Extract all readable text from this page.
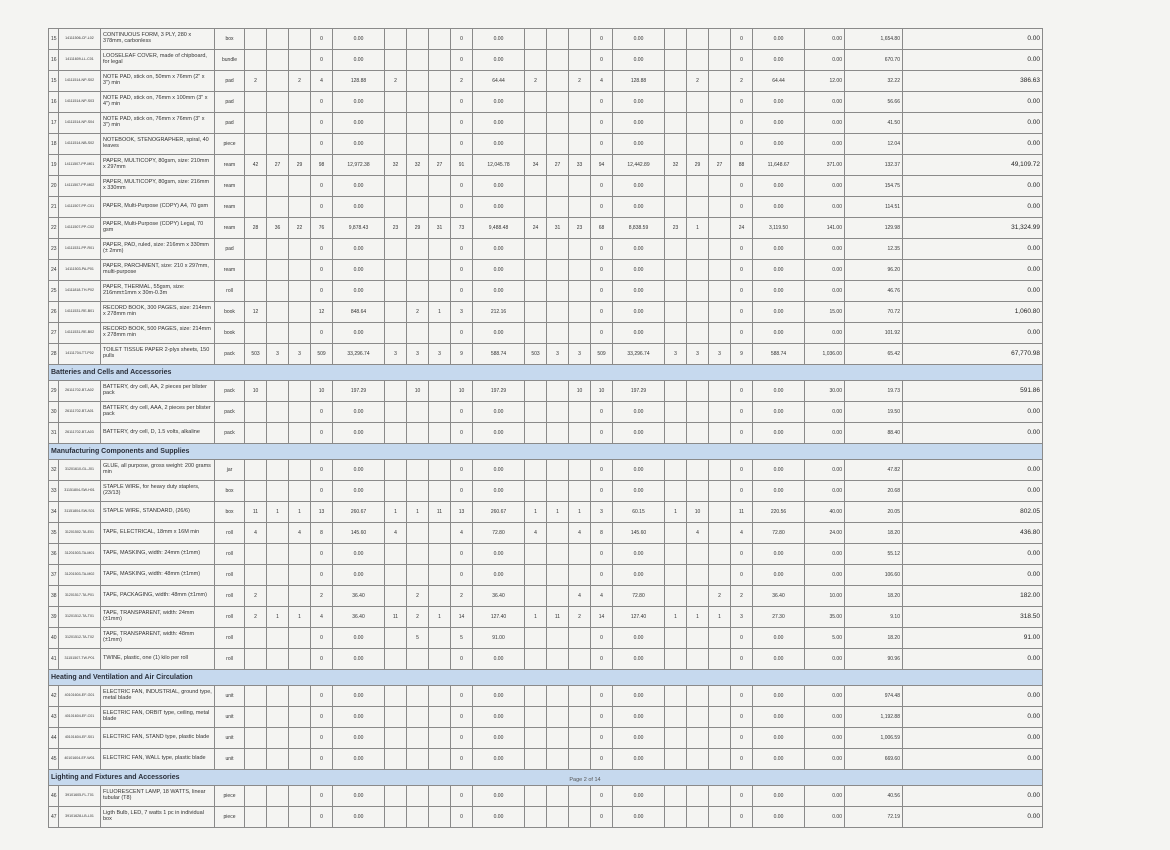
15	14111506-CF-L02	CONTINUOUS FORM, 3 PLY, 280 x 378mm, carbonless	box				0	0.00				0	0.00				0	0.00				0	0.00	0.00	1,654.80	0.00
16	14111609-LL-C01	LOOSELEAF COVER, made of chipboard, for legal	bundle				0	0.00				0	0.00				0	0.00				0	0.00	0.00	670.70	0.00
15	14111514-NP-S02	NOTE PAD, stick on, 50mm x 76mm (2" x 3") min	pad	2		2	4	128.88	2			2	64.44	2		2	4	128.88		2		2	64.44	12.00	32.22	386.63
16	14111514-NP-S03	NOTE PAD, stick on, 76mm x 100mm (3" x 4") min	pad				0	0.00				0	0.00				0	0.00				0	0.00	0.00	56.66	0.00
17	14111514-NP-S04	NOTE PAD, stick on, 76mm x 76mm (3" x 3") min	pad				0	0.00				0	0.00				0	0.00				0	0.00	0.00	41.50	0.00
18	14111514-NB-S02	NOTEBOOK, STENOGRAPHER, spiral, 40 leaves	piece				0	0.00				0	0.00				0	0.00				0	0.00	0.00	12.04	0.00
19	14111507-PP-M01	PAPER, MULTICOPY, 80gsm, size: 210mm x 297mm	ream	42	27	29	98	12,972.38	32	32	27	91	12,045.78	34	27	33	94	12,442.89	32	29	27	88	11,648.67	371.00	132.37	49,109.72
20	14111507-PP-M02	PAPER, MULTICOPY, 80gsm, size: 216mm x 330mm	ream				0	0.00				0	0.00				0	0.00				0	0.00	0.00	154.75	0.00
21	14111507-PP-C01	PAPER, Multi-Purpose (COPY) A4, 70 gsm	ream				0	0.00				0	0.00				0	0.00				0	0.00	0.00	114.51	0.00
22	14111507-PP-C02	PAPER, Multi-Purpose (COPY) Legal, 70 gsm	ream	28	36	22	76	9,878.43	23	29	31	73	9,488.48	24	31	23	68	8,838.59	23	1		24	3,119.50	141.00	129.98	31,324.99
23	14111531-PP-R01	PAPER, PAD, ruled, size: 216mm x 330mm (± 2mm)	pad				0	0.00				0	0.00				0	0.00				0	0.00	0.00	12.35	0.00
24	14111503-PA-P01	PAPER, PARCHMENT, size: 210 x 297mm, multi-purpose	ream				0	0.00				0	0.00				0	0.00				0	0.00	0.00	96.20	0.00
25	14111818-TH-P02	PAPER, THERMAL, 55gsm, size: 216mm±1mm x 30m-0.3m	roll				0	0.00				0	0.00				0	0.00				0	0.00	0.00	46.76	0.00
26	14111531-RE-B01	RECORD BOOK, 300 PAGES, size: 214mm x 278mm min	book	12			12	848.64		2	1	3	212.16				0	0.00				0	0.00	15.00	70.72	1,060.80
27	14111531-RE-B02	RECORD BOOK, 500 PAGES, size: 214mm x 278mm min	book				0	0.00				0	0.00				0	0.00				0	0.00	0.00	101.92	0.00
28	14111704-TT-P02	TOILET TISSUE PAPER 2-plys sheets, 150 pulls	pack	503	3	3	509	33,296.74	3	3	3	9	588.74	503	3	3	509	33,296.74	3	3	3	9	588.74	1,036.00	65.42	67,770.98
Batteries and Cells and Accessories																										
29	26111702-BT-A02	BATTERY, dry cell, AA, 2 pieces per blister pack	pack	10			10	197.29		10		10	197.29			10	10	197.29				0	0.00	30.00	19.73	591.86
30	26111702-BT-A01	BATTERY, dry cell, AAA, 2 pieces per blister pack	pack				0	0.00				0	0.00				0	0.00				0	0.00	0.00	19.50	0.00
31	26111702-BT-A03	BATTERY, dry cell, D, 1.5 volts, alkaline	pack				0	0.00				0	0.00				0	0.00				0	0.00	0.00	88.40	0.00
Manufacturing Components and Supplies																										
32	31201610-GL-J01	GLUE, all purpose, gross weight: 200 grams min	jar				0	0.00				0	0.00				0	0.00				0	0.00	0.00	47.82	0.00
33	31151804-SW-H01	STAPLE WIRE, for heavy duty staplers, (23/13)	box				0	0.00				0	0.00				0	0.00				0	0.00	0.00	20.68	0.00
34	31151804-SW-S01	STAPLE WIRE, STANDARD, (26/6)	box	11	1	1	13	260.67	1	1	11	13	260.67	1	1	1	3	60.15	1	10		11	220.56	40.00	20.05	802.05
35	31201502-TA-E01	TAPE, ELECTRICAL, 18mm x 16M min	roll	4		4	8	145.60	4			4	72.80	4		4	8	145.60		4		4	72.80	24.00	18.20	436.80
36	31201503-TA-M01	TAPE, MASKING, width: 24mm (±1mm)	roll				0	0.00				0	0.00				0	0.00				0	0.00	0.00	55.12	0.00
37	31201503-TA-M02	TAPE, MASKING, width: 48mm (±1mm)	roll				0	0.00				0	0.00				0	0.00				0	0.00	0.00	106.60	0.00
38	31201517-TA-P01	TAPE, PACKAGING, width: 48mm (±1mm)	roll	2			2	36.40		2		2	36.40			4	4	72.80			2	2	36.40	10.00	18.20	182.00
39	31201512-TA-T01	TAPE, TRANSPARENT, width: 24mm (±1mm)	roll	2	1	1	4	36.40	11	2	1	14	127.40	1	11	2	14	127.40	1	1	1	3	27.30	35.00	9.10	318.50
40	31201512-TA-T02	TAPE, TRANSPARENT, width: 48mm (±1mm)	roll				0	0.00		5		5	91.00				0	0.00				0	0.00	5.00	18.20	91.00
41	31151507-TW-P01	TWINE, plastic, one (1) kilo per roll	roll				0	0.00				0	0.00				0	0.00				0	0.00	0.00	90.96	0.00
Heating and Ventilation and Air Circulation																										
42	40101604-EF-G01	ELECTRIC FAN, INDUSTRIAL, ground type, metal blade	unit				0	0.00				0	0.00				0	0.00				0	0.00	0.00	974.48	0.00
43	40101604-EF-C01	ELECTRIC FAN, ORBIT type, ceiling, metal blade	unit				0	0.00				0	0.00				0	0.00				0	0.00	0.00	1,192.88	0.00
44	40101604-EF-S01	ELECTRIC FAN, STAND type, plastic blade	unit				0	0.00				0	0.00				0	0.00				0	0.00	0.00	1,006.59	0.00
45	40101604-EF-W01	ELECTRIC FAN, WALL type, plastic blade	unit				0	0.00				0	0.00				0	0.00				0	0.00	0.00	669.60	0.00
Lighting and Fixtures and Accessories																										
46	39101605-FL-T01	FLUORESCENT LAMP, 18 WATTS, linear tubular (T8)	piece				0	0.00				0	0.00				0	0.00				0	0.00	0.00	40.56	0.00
47	39101628-LB-L01	Ligth Bulb, LED, 7 watts 1 pc in individual box	piece				0	0.00				0	0.00				0	0.00				0	0.00	0.00	72.19	0.00
Page 2 of 14
